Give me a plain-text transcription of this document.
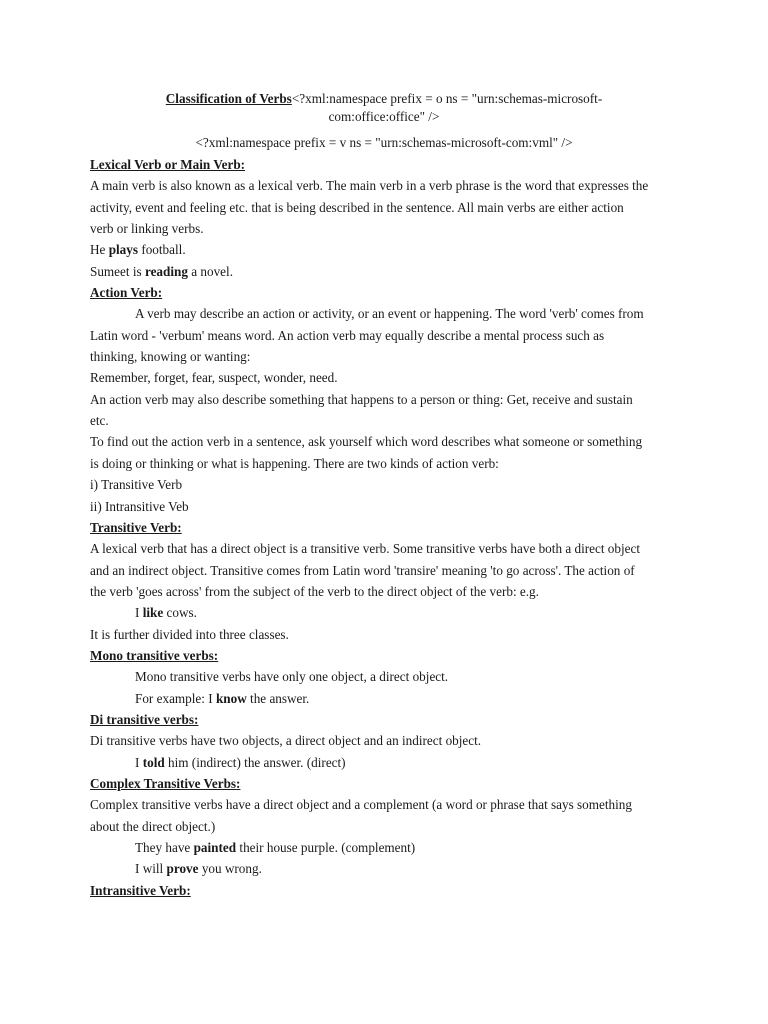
Classification of Verbs<?xml:namespace prefix = o ns = "urn:schemas-microsoft-
com:office:office" />
<?xml:namespace prefix = v ns = "urn:schemas-microsoft-com:vml" />
Lexical Verb or Main Verb:
A main verb is also known as a lexical verb. The main verb in a verb phrase is the word that expresses the
activity, event and feeling etc. that is being described in the sentence. All main verbs are either action
verb or linking verbs.
He plays football.
Sumeet is reading a novel.
Action Verb:
A verb may describe an action or activity, or an event or happening. The word 'verb' comes from
Latin word - 'verbum' means word. An action verb may equally describe a mental process such as
thinking, knowing or wanting:
Remember, forget, fear, suspect, wonder, need.
An action verb may also describe something that happens to a person or thing: Get, receive and sustain
etc.
To find out the action verb in a sentence, ask yourself which word describes what someone or something
is doing or thinking or what is happening. There are two kinds of action verb:
i) Transitive Verb
ii) Intransitive Veb
Transitive Verb:
A lexical verb that has a direct object is a transitive verb. Some transitive verbs have both a direct object
and an indirect object. Transitive comes from Latin word 'transire' meaning 'to go across'. The action of
the verb 'goes across' from the subject of the verb to the direct object of the verb: e.g.
I like cows.
It is further divided into three classes.
Mono transitive verbs:
Mono transitive verbs have only one object, a direct object.
For example: I know the answer.
Di transitive verbs:
Di transitive verbs have two objects, a direct object and an indirect object.
I told him (indirect) the answer. (direct)
Complex Transitive Verbs:
Complex transitive verbs have a direct object and a complement (a word or phrase that says something
about the direct object.)
They have painted their house purple. (complement)
I will prove you wrong.
Intransitive Verb:
